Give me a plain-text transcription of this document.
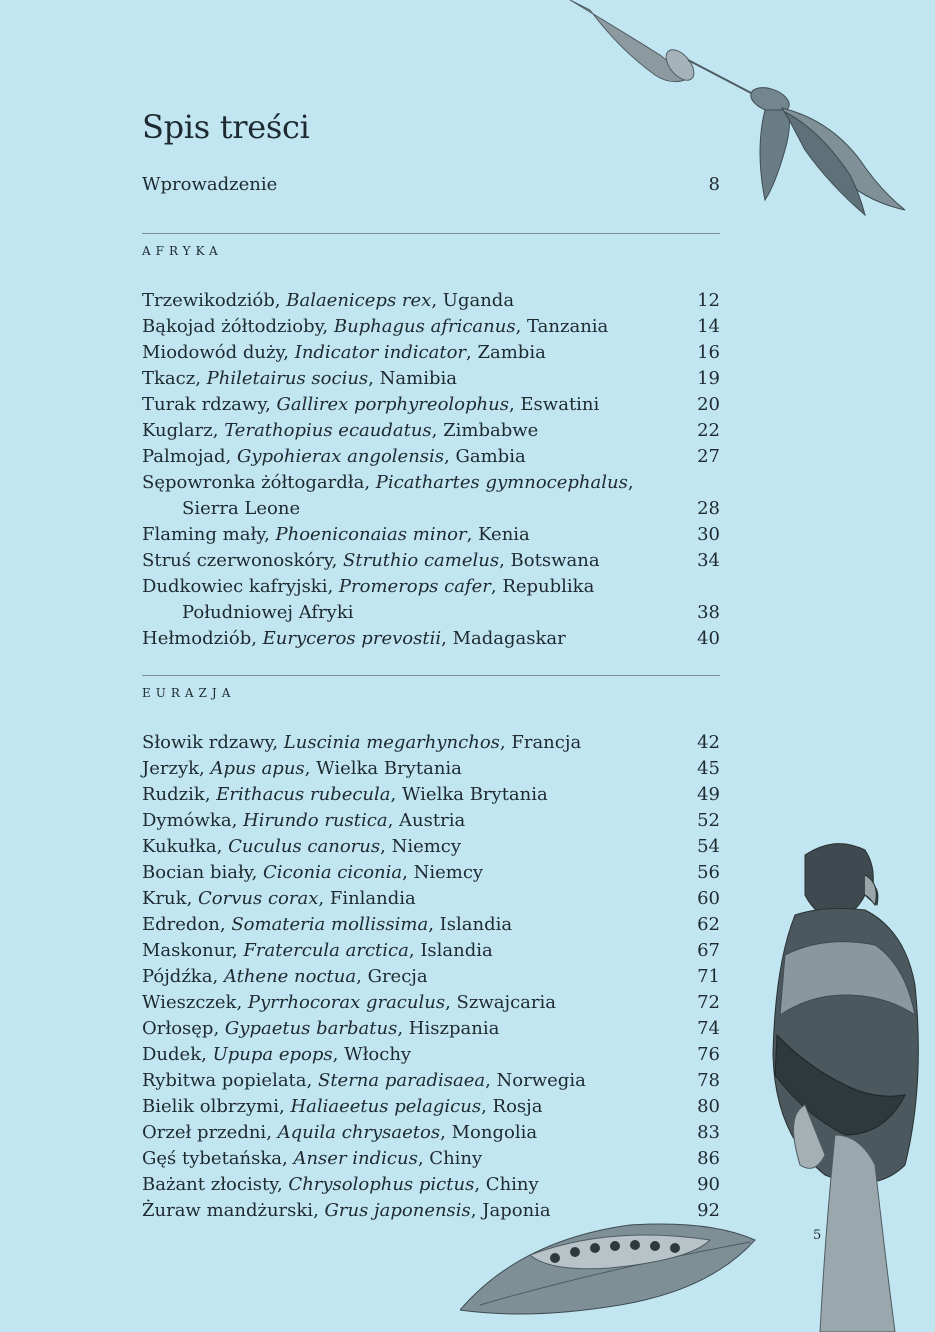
Spis treści
Wprowadzenie	8
AFRYKA
Trzewikodziób, Balaeniceps rex, Uganda	12
Bąkojad żółtodzioby, Buphagus africanus, Tanzania	14
Miodowód duży, Indicator indicator, Zambia	16
Tkacz, Philetairus socius, Namibia	19
Turak rdzawy, Gallirex porphyreolophus, Eswatini	20
Kuglarz, Terathopius ecaudatus, Zimbabwe	22
Palmojad, Gypohierax angolensis, Gambia	27
Sępowronka żółtogardła, Picathartes gymnocephalus,
Sierra Leone	28
Flaming mały, Phoeniconaias minor, Kenia	30
Struś czerwonoskóry, Struthio camelus, Botswana	34
Dudkowiec kafryjski, Promerops cafer, Republika
Południowej Afryki	38
Hełmodziób, Euryceros prevostii, Madagaskar	40
EURAZJA
Słowik rdzawy, Luscinia megarhynchos, Francja	42
Jerzyk, Apus apus, Wielka Brytania	45
Rudzik, Erithacus rubecula, Wielka Brytania	49
Dymówka, Hirundo rustica, Austria	52
Kukułka, Cuculus canorus, Niemcy	54
Bocian biały, Ciconia ciconia, Niemcy	56
Kruk, Corvus corax, Finlandia	60
Edredon, Somateria mollissima, Islandia	62
Maskonur, Fratercula arctica, Islandia	67
Pójdźka, Athene noctua, Grecja	71
Wieszczek, Pyrrhocorax graculus, Szwajcaria	72
Orłosęp, Gypaetus barbatus, Hiszpania	74
Dudek, Upupa epops, Włochy	76
Rybitwa popielata, Sterna paradisaea, Norwegia	78
Bielik olbrzymi, Haliaeetus pelagicus, Rosja	80
Orzeł przedni, Aquila chrysaetos, Mongolia	83
Gęś tybetańska, Anser indicus, Chiny	86
Bażant złocisty, Chrysolophus pictus, Chiny	90
Żuraw mandżurski, Grus japonensis, Japonia	92
5
